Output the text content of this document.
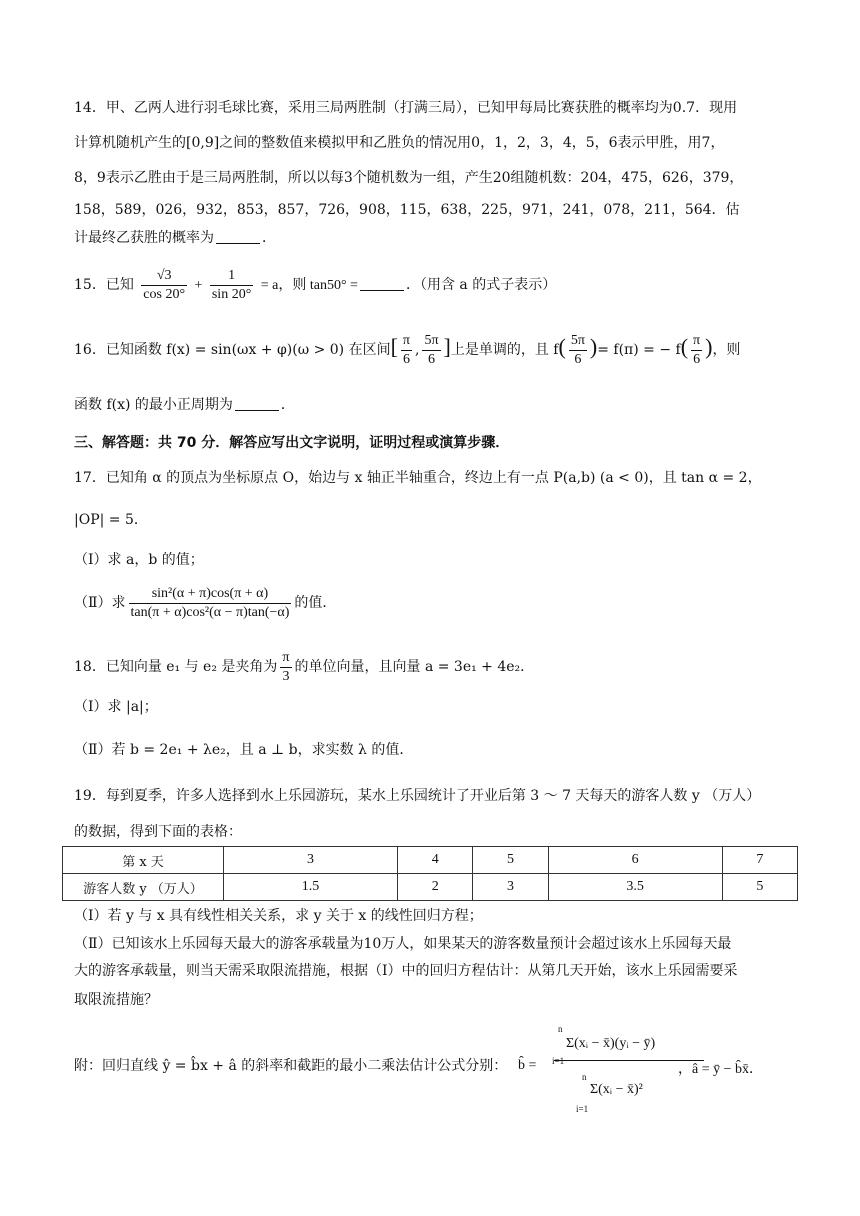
14．甲、乙两人进行羽毛球比赛，采用三局两胜制（打满三局），已知甲每局比赛获胜的概率均为0.7．现用
计算机随机产生的[0,9]之间的整数值来模拟甲和乙胜负的情况用0，1，2，3，4，5，6表示甲胜，用7，
8，9表示乙胜由于是三局两胜制，所以以每3个随机数为一组，产生20组随机数：204，475，626，379，
158，589，026，932，853，857，726，908，115，638，225，971，241，078，211，564．估
计最终乙获胜的概率为	．
15．已知 $\frac{√3}{\cos 20^\circ} + \frac{1}{\sin 20^\circ} = a$，则 tan50° =	．（用含 a 的式子表示）
16．已知函数 f(x) = sin(ωx + φ)(ω > 0) 在区间[ $\frac{\pi}{6}$ , $\frac{5\pi}{6}$ ]上是单调的，且 $f( \frac{5\pi}{6}$ )= f(π) = − $f( \frac{\pi}{6}$ )，则
函数 f(x) 的最小正周期为	．
三、解答题：共 70 分．解答应写出文字说明，证明过程或演算步骤．
17．已知角 α 的顶点为坐标原点 O，始边与 x 轴正半轴重合，终边上有一点 P(a,b) (a < 0)，且 tan α = 2，
|OP| = 5．
（Ⅰ）求 a，b 的值；
（Ⅱ）求 $\frac{\text{sin²(α + π)cos(π + α)}}{\text{tan(π + α)cos²(α − π)tan(−α)}}$ 的值．
18．已知向量 e₁ 与 e₂ 是夹角为 $\frac{\pi}{3}$ 的单位向量，且向量 a = 3e₁ + 4e₂．
（Ⅰ）求 |a|；
（Ⅱ）若 b = 2e₁ + λe₂，且 a ⊥ b，求实数 λ 的值．
19．每到夏季，许多人选择到水上乐园游玩，某水上乐园统计了开业后第 3 ～ 7 天每天的游客人数 y （万人）
的数据，得到下面的表格：
第 x 天	3	4	5	6	7
游客人数 y （万人）	1.5	2	3	3.5	5
（Ⅰ）若 y 与 x 具有线性相关关系，求 y 关于 x 的线性回归方程；
（Ⅱ）已知该水上乐园每天最大的游客承载量为10万人，如果某天的游客数量预计会超过该水上乐园每天最
大的游客承载量，则当天需采取限流措施，根据（Ⅰ）中的回归方程估计：从第几天开始，该水上乐园需要采
取限流措施？
附：回归直线 ŷ = b̂x + â 的斜率和截距的最小二乘法估计公式分别： b̂ =
n
i=1
Σ(xᵢ − x̄)(yᵢ − ȳ)
n
i=1
Σ(xᵢ − x̄)²
，â = ȳ − b̂x̄．
